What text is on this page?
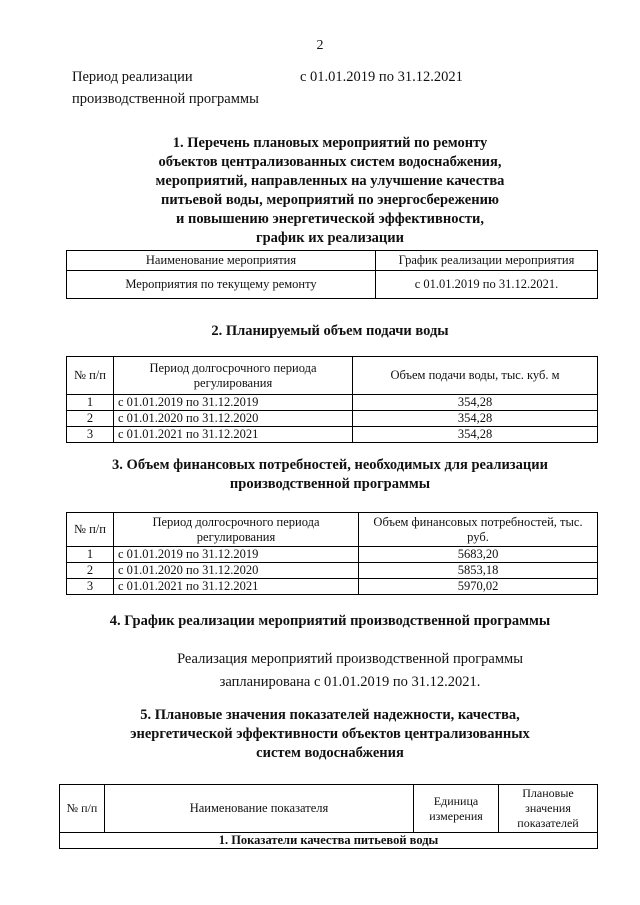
2
Период реализации
производственной программы
с 01.01.2019 по 31.12.2021
1. Перечень плановых мероприятий по ремонту
объектов централизованных систем водоснабжения,
мероприятий, направленных на улучшение качества
питьевой воды, мероприятий по энергосбережению
и повышению энергетической эффективности,
график их реализации
Наименование мероприятия	График реализации мероприятия
Мероприятия по текущему ремонту	с 01.01.2019 по 31.12.2021.
2. Планируемый объем подачи воды
№ п/п	Период долгосрочного периода регулирования	Объем подачи воды, тыс. куб. м
1	с 01.01.2019 по 31.12.2019	354,28
2	с 01.01.2020 по 31.12.2020	354,28
3	с 01.01.2021 по 31.12.2021	354,28
3. Объем финансовых потребностей, необходимых для реализации
производственной программы
№ п/п	Период долгосрочного периода регулирования	Объем финансовых потребностей, тыс. руб.
1	с 01.01.2019 по 31.12.2019	5683,20
2	с 01.01.2020 по 31.12.2020	5853,18
3	с 01.01.2021 по 31.12.2021	5970,02
4. График реализации мероприятий производственной программы
Реализация мероприятий производственной программы
запланирована с 01.01.2019 по 31.12.2021.
5. Плановые значения показателей надежности, качества,
энергетической эффективности объектов централизованных
систем водоснабжения
№ п/п	Наименование показателя	Единица измерения	Плановые значения показателей
1. Показатели качества питьевой воды
